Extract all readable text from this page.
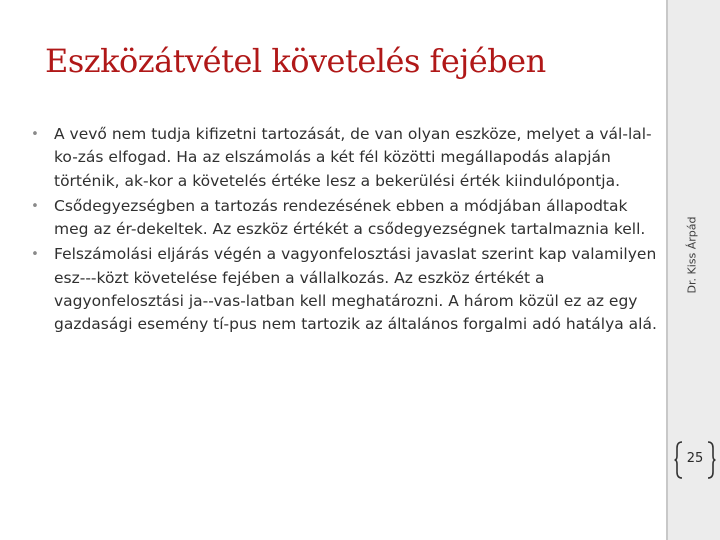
Eszközátvétel követelés fejében
• A vevő nem tudja kifizetni tartozását, de van olyan eszköze, melyet a vál-lal-ko-zás elfogad. Ha az elszámolás a két fél közötti megállapodás alapján történik, ak-kor a követelés értéke lesz a bekerülési érték kiindulópontja.
• Csődegyezségben a tartozás rendezésének ebben a módjában állapodtak meg az ér-dekeltek. Az eszköz értékét a csődegyezségnek tartalmaznia kell.
• Felszámolási eljárás végén a vagyonfelosztási javaslat szerint kap valamilyen esz---közt követelése fejében a vállalkozás. Az eszköz értékét a vagyonfelosztási ja--vas-latban kell meghatározni. A három közül ez az egy gazdasági esemény tí-pus nem tartozik az általános forgalmi adó hatálya alá.
Dr. Kiss Árpád
25
